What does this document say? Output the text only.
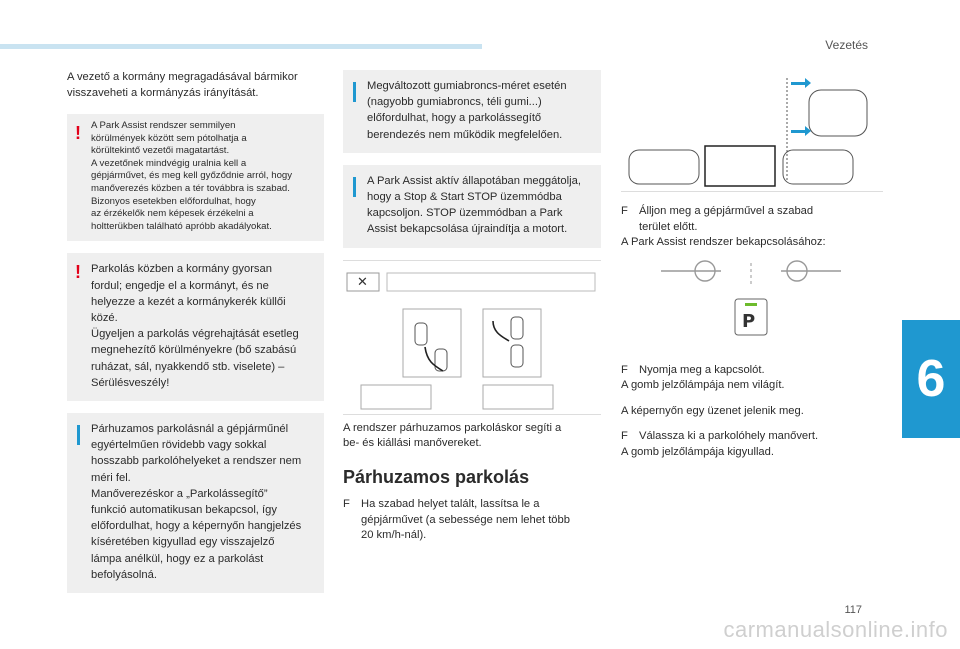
Vezetés
6
117
carmanualsonline.info

A vezető a kormány megragadásával bármikor
visszaveheti a kormányzás irányítását.

! A Park Assist rendszer semmilyen
körülmények között sem pótolhatja a
körültekintő vezetői magatartást.
A vezetőnek mindvégig uralnia kell a
gépjárművet, és meg kell győződnie arról, hogy
manőverezés közben a tér továbbra is szabad.
Bizonyos esetekben előfordulhat, hogy
az érzékelők nem képesek érzékelni a
holtterükben található apróbb akadályokat.

! Parkolás közben a kormány gyorsan
fordul; engedje el a kormányt, és ne
helyezze a kezét a kormánykerék küllői
közé.
Ügyeljen a parkolás végrehajtását esetleg
megnehezítő körülményekre (bő szabású
ruházat, sál, nyakkendő stb. viselete) –
Sérülésveszély!

Párhuzamos parkolásnál a gépjárműnél
egyértelműen rövidebb vagy sokkal
hosszabb parkolóhelyeket a rendszer nem
méri fel.
Manőverezéskor a „Parkolássegítő”
funkció automatikusan bekapcsol, így
előfordulhat, hogy a képernyőn hangjelzés
kíséretében kigyullad egy visszajelző
lámpa anélkül, hogy ez a parkolást
befolyásolná.

Megváltozott gumiabroncs-méret esetén
(nagyobb gumiabroncs, téli gumi...)
előfordulhat, hogy a parkolássegítő
berendezés nem működik megfelelően.

A Park Assist aktív állapotában meggátolja,
hogy a Stop & Start STOP üzemmódba
kapcsoljon. STOP üzemmódban a Park
Assist bekapcsolása újraindítja a motort.

✕

A rendszer párhuzamos parkoláskor segíti a
be- és kiállási manővereket.

Párhuzamos parkolás
F Ha szabad helyet talált, lassítsa le a
gépjárművet (a sebessége nem lehet több
20 km/h-nál).

F Álljon meg a gépjárművel a szabad
terület előtt.

A Park Assist rendszer bekapcsolásához:

P
F Nyomja meg a kapcsolót.

A gomb jelzőlámpája nem világít.

A képernyőn egy üzenet jelenik meg.

F Válassza ki a parkolóhely manővert.

A gomb jelzőlámpája kigyullad.
